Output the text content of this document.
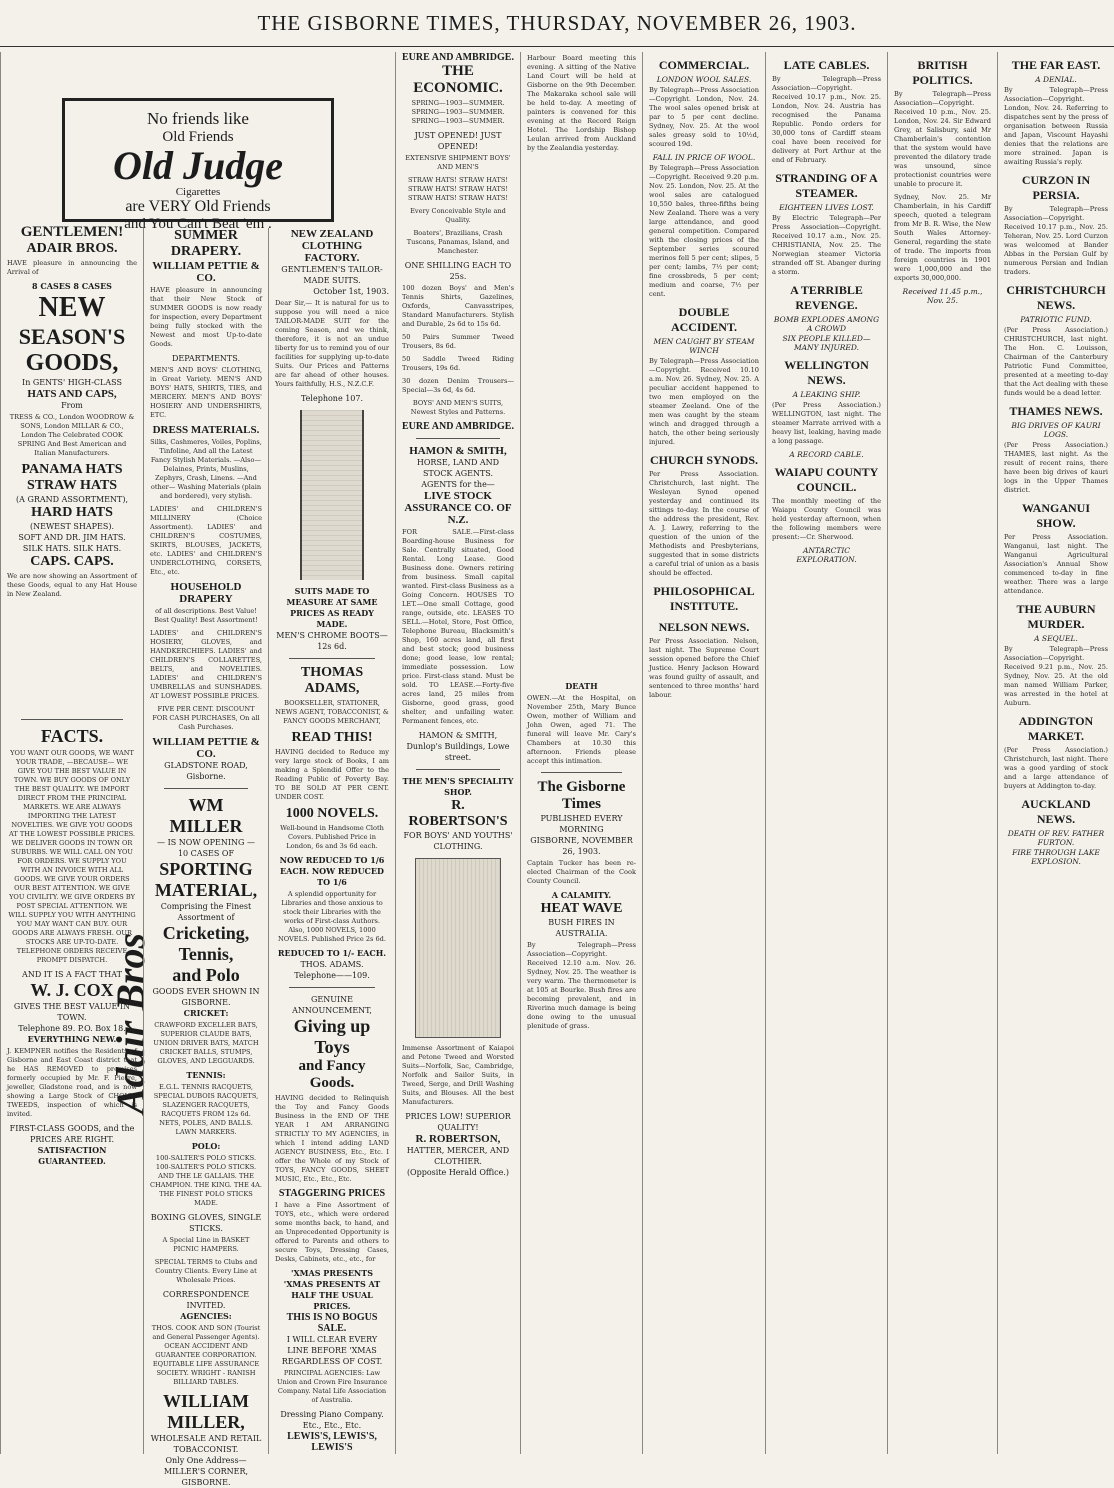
THE GISBORNE TIMES, THURSDAY, NOVEMBER 26, 1903.
GENTLEMEN!
ADAIR BROS.
HAVE pleasure in announcing the Arrival of
8 CASES 8 CASES
NEW
SEASON'S
GOODS,
In GENTS' HIGH-CLASS
HATS AND CAPS,
From
TRESS & CO., London WOODROW & SONS, London MILLAR & CO., London The Celebrated COOK SPRING And Best American and Italian Manufacturers.
PANAMA HATS
STRAW HATS
(A GRAND ASSORTMENT),
HARD HATS
(NEWEST SHAPES).
SOFT AND DR. JIM HATS.
SILK HATS. SILK HATS.
CAPS. CAPS.
We are now showing an Assortment of these Goods, equal to any Hat House in New Zealand.
FACTS.
YOU WANT OUR GOODS, WE WANT YOUR TRADE, —BECAUSE— WE GIVE YOU THE BEST VALUE IN TOWN. WE BUY GOODS OF ONLY THE BEST QUALITY. WE IMPORT DIRECT FROM THE PRINCIPAL MARKETS. WE ARE ALWAYS IMPORTING THE LATEST NOVELTIES. WE GIVE YOU GOODS AT THE LOWEST POSSIBLE PRICES. WE DELIVER GOODS IN TOWN OR SUBURBS. WE WILL CALL ON YOU FOR ORDERS. WE SUPPLY YOU WITH AN INVOICE WITH ALL GOODS. WE GIVE YOUR ORDERS OUR BEST ATTENTION. WE GIVE YOU CIVILITY. WE GIVE ORDERS BY POST SPECIAL ATTENTION. WE WILL SUPPLY YOU WITH ANYTHING YOU MAY WANT CAN BUY. OUR GOODS ARE ALWAYS FRESH. OUR STOCKS ARE UP-TO-DATE. TELEPHONE ORDERS RECEIVE PROMPT DISPATCH.
AND IT IS A FACT THAT
W. J. COX
GIVES THE BEST VALUE IN TOWN.
Telephone 89. P.O. Box 18.
EVERYTHING NEW.
J. KEMPNER notifies the Residents of Gisborne and East Coast district that he HAS REMOVED to premises formerly occupied by Mr. F. Pierre, jeweller, Gladstone road, and is now showing a Large Stock of CHOICE TWEEDS, inspection of which is invited.
FIRST-CLASS GOODS, and the PRICES ARE RIGHT.
SATISFACTION GUARANTEED.
Adair Bros
No friends like
Old Friends
Old Judge
Cigarettes
are VERY Old Friends
and You Can't Beat 'em .
SUMMER DRAPERY.
WILLIAM PETTIE & CO.
HAVE pleasure in announcing that their New Stock of SUMMER GOODS is now ready for inspection, every Department being fully stocked with the Newest and most Up-to-date Goods.
DEPARTMENTS.
MEN'S AND BOYS' CLOTHING, in Great Variety. MEN'S AND BOYS' HATS, SHIRTS, TIES, and MERCERY. MEN'S AND BOYS' HOSIERY AND UNDERSHIRTS, ETC.
DRESS MATERIALS.
Silks, Cashmeres, Voiles, Poplins, Tinfoline, And all the Latest Fancy Stylish Materials. —Also— Delaines, Prints, Muslins, Zephyrs, Crash, Linens. —And other— Washing Materials (plain and bordered), very stylish.
LADIES' and CHILDREN'S MILLINERY (Choice Assortment). LADIES' and CHILDREN'S COSTUMES, SKIRTS, BLOUSES, JACKETS, etc. LADIES' and CHILDREN'S UNDERCLOTHING, CORSETS, Etc., etc.
HOUSEHOLD DRAPERY
of all descriptions. Best Value! Best Quality! Best Assortment!
LADIES' and CHILDREN'S HOSIERY, GLOVES, and HANDKERCHIEFS. LADIES' and CHILDREN'S COLLARETTES, BELTS, and NOVELTIES. LADIES' and CHILDREN'S UMBRELLAS and SUNSHADES. AT LOWEST POSSIBLE PRICES.
FIVE PER CENT. DISCOUNT FOR CASH PURCHASES, On all Cash Purchases.
WILLIAM PETTIE & CO.
GLADSTONE ROAD, Gisborne.
WM MILLER
— IS NOW OPENING —
10 CASES OF
SPORTING
MATERIAL,
Comprising the Finest Assortment of
Cricketing,
Tennis,
and Polo
GOODS EVER SHOWN IN GISBORNE.
CRICKET:
CRAWFORD EXCELLER BATS, SUPERIOR CLAUDE BATS, UNION DRIVER BATS, MATCH CRICKET BALLS, STUMPS, GLOVES, AND LEGGUARDS.
TENNIS:
E.G.L. TENNIS RACQUETS, SPECIAL DUBOIS RACQUETS, SLAZENGER RACQUETS, RACQUETS FROM 12s 6d. NETS, POLES, AND BALLS. LAWN MARKERS.
POLO:
100-SALTER'S POLO STICKS. 100-SALTER'S POLO STICKS. AND THE LE GALLAIS. THE CHAMPION. THE KING. THE 4A. THE FINEST POLO STICKS MADE.
BOXING GLOVES, SINGLE STICKS.
A Special Line in BASKET PICNIC HAMPERS.
SPECIAL TERMS to Clubs and Country Clients. Every Line at Wholesale Prices.
CORRESPONDENCE INVITED.
AGENCIES:
THOS. COOK AND SON (Tourist and General Passenger Agents). OCEAN ACCIDENT AND GUARANTEE CORPORATION. EQUITABLE LIFE ASSURANCE SOCIETY. WRIGHT - RANISH BILLIARD TABLES.
WILLIAM MILLER,
WHOLESALE AND RETAIL TOBACCONIST.
Only One Address—
MILLER'S CORNER, GISBORNE.
NEW ZEALAND CLOTHING FACTORY.
GENTLEMEN'S TAILOR-MADE SUITS.
October 1st, 1903.
Dear Sir,— It is natural for us to suppose you will need a nice TAILOR-MADE SUIT for the coming Season, and we think, therefore, it is not an undue liberty for us to remind you of our facilities for supplying up-to-date Suits. Our Prices and Patterns are far ahead of other houses. Yours faithfully, H.S., N.Z.C.F.
Telephone 107.
SUITS MADE TO MEASURE AT SAME PRICES AS READY MADE.
MEN'S CHROME BOOTS—12s 6d.
THOMAS ADAMS,
BOOKSELLER, STATIONER, NEWS AGENT, TOBACCONIST, & FANCY GOODS MERCHANT,
READ THIS!
HAVING decided to Reduce my very large stock of Books, I am making a Splendid Offer to the Reading Public of Poverty Bay. TO BE SOLD AT PER CENT. UNDER COST.
1000 NOVELS.
Well-bound in Handsome Cloth Covers. Published Price in London, 6s and 3s 6d each.
NOW REDUCED TO 1/6 EACH. NOW REDUCED TO 1/6
A splendid opportunity for Libraries and those anxious to stock their Libraries with the works of First-class Authors. Also, 1000 NOVELS, 1000 NOVELS. Published Price 2s 6d.
REDUCED TO 1/- EACH.
THOS. ADAMS.
Telephone——109.
GENUINE ANNOUNCEMENT,
Giving up Toys
and Fancy Goods.
HAVING decided to Relinquish the Toy and Fancy Goods Business in the END OF THE YEAR I AM ARRANGING STRICTLY TO MY AGENCIES, in which I intend adding LAND AGENCY BUSINESS, Etc., Etc. I offer the Whole of my Stock of TOYS, FANCY GOODS, SHEET MUSIC, Etc., Etc., Etc.
STAGGERING PRICES
I have a Fine Assortment of TOYS, etc., which were ordered some months back, to hand, and an Unprecedented Opportunity is offered to Parents and others to secure Toys, Dressing Cases, Desks, Cabinets, etc., etc., for
'XMAS PRESENTS 'XMAS PRESENTS AT HALF THE USUAL PRICES.
THIS IS NO BOGUS SALE.
I WILL CLEAR EVERY LINE BEFORE 'XMAS REGARDLESS OF COST.
PRINCIPAL AGENCIES: Law Union and Crown Fire Insurance Company. Natal Life Association of Australia.
Dressing Piano Company. Etc., Etc., Etc.
LEWIS'S, LEWIS'S, LEWIS'S
EURE AND AMBRIDGE.
THE ECONOMIC.
SPRING—1903—SUMMER. SPRING—1903—SUMMER. SPRING—1903—SUMMER.
JUST OPENED! JUST OPENED!
EXTENSIVE SHIPMENT BOYS' AND MEN'S
STRAW HATS! STRAW HATS! STRAW HATS! STRAW HATS! STRAW HATS! STRAW HATS!
Every Conceivable Style and Quality.
Boaters', Brazilians, Crash Tuscans, Panamas, Island, and Manchester.
ONE SHILLING EACH TO 25s.
100 dozen Boys' and Men's Tennis Shirts, Gazelines, Oxfords, Canvasstripes, Standard Manufacturers. Stylish and Durable, 2s 6d to 15s 6d.
50 Pairs Summer Tweed Trousers, 8s 6d.
50 Saddle Tweed Riding Trousers, 19s 6d.
30 dozen Denim Trousers—Special—3s 6d, 4s 6d.
BOYS' AND MEN'S SUITS, Newest Styles and Patterns.
EURE AND AMBRIDGE.
HAMON & SMITH,
HORSE, LAND AND STOCK AGENTS.
AGENTS for the—
LIVE STOCK ASSURANCE CO. OF N.Z.
FOR SALE.—First-class Boarding-house Business for Sale. Centrally situated, Good Rental. Long Lease. Good Business done. Owners retiring from business. Small capital wanted. First-class Business as a Going Concern. HOUSES TO LET.—One small Cottage, good range, outside, etc. LEASES TO SELL.—Hotel, Store, Post Office, Telephone Bureau, Blacksmith's Shop, 160 acres land, all first and best stock; good business done; good lease, low rental; immediate possession. Low price. First-class stand. Must be sold. TO LEASE.—Forty-five acres land, 25 miles from Gisborne, good grass, good shelter, and unfailing water. Permanent fences, etc.
HAMON & SMITH,
Dunlop's Buildings, Lowe street.
THE MEN'S SPECIALITY SHOP.
R. ROBERTSON'S
FOR BOYS' AND YOUTHS' CLOTHING.
Immense Assortment of Kaiapoi and Petone Tweed and Worsted Suits—Norfolk, Sac, Cambridge, Norfolk and Sailor Suits, in Tweed, Serge, and Drill Washing Suits, and Blouses. All the best Manufacturers.
PRICES LOW! SUPERIOR QUALITY!
R. ROBERTSON,
HATTER, MERCER, AND CLOTHIER.
(Opposite Herald Office.)
Harbour Board meeting this evening. A sitting of the Native Land Court will be held at Gisborne on the 9th December. The Makaraka school sale will be held to-day. A meeting of painters is convened for this evening at the Record Reign Hotel. The Lordship Bishop Leulan arrived from Auckland by the Zealandia yesterday.
DEATH
OWEN.—At the Hospital, on November 25th, Mary Bunce Owen, mother of William and John Owen, aged 71. The funeral will leave Mr. Cary's Chambers at 10.30 this afternoon. Friends please accept this intimation.
The Gisborne Times
PUBLISHED EVERY MORNING
GISBORNE, NOVEMBER 26, 1903.
Captain Tucker has been re-elected Chairman of the Cook County Council.
A CALAMITY.
HEAT WAVE
BUSH FIRES IN AUSTRALIA.
By Telegraph—Press Association—Copyright. Received 12.10 a.m. Nov. 26. Sydney, Nov. 25. The weather is very warm. The thermometer is at 105 at Bourke. Bush fires are becoming prevalent, and in Riverina much damage is being done owing to the unusual plenitude of grass.
COMMERCIAL.
LONDON WOOL SALES.
By Telegraph—Press Association—Copyright. London, Nov. 24. The wool sales opened brisk at par to 5 per cent decline. Sydney, Nov. 25. At the wool sales greasy sold to 10½d, scoured 19d.
FALL IN PRICE OF WOOL.
By Telegraph—Press Association—Copyright. Received 9.20 p.m. Nov. 25. London, Nov. 25. At the wool sales are catalogued 10,550 bales, three-fifths being New Zealand. There was a very large attendance, and good general competition. Compared with the closing prices of the September series scoured merinos fell 5 per cent; slipes, 5 per cent; lambs, 7½ per cent; fine crossbreds, 5 per cent; medium and coarse, 7½ per cent.
DOUBLE ACCIDENT.
MEN CAUGHT BY STEAM WINCH
By Telegraph—Press Association—Copyright. Received 10.10 a.m. Nov. 26. Sydney, Nov. 25. A peculiar accident happened to two men employed on the steamer Zeeland. One of the men was caught by the steam winch and dragged through a hatch, the other being seriously injured.
CHURCH SYNODS.
Per Press Association. Christchurch, last night. The Wesleyan Synod opened yesterday and continued its sittings to-day. In the course of the address the president, Rev. A. J. Lawry, referring to the question of the union of the Methodists and Presbyterians, suggested that in some districts a careful trial of union as a basis should be effected.
PHILOSOPHICAL INSTITUTE.
NELSON NEWS.
Per Press Association. Nelson, last night. The Supreme Court session opened before the Chief Justice. Henry Jackson Howard was found guilty of assault, and sentenced to three months' hard labour.
LATE CABLES.
By Telegraph—Press Association—Copyright. Received 10.17 p.m., Nov. 25. London, Nov. 24. Austria has recognised the Panama Republic. Pondo orders for 30,000 tons of Cardiff steam coal have been received for delivery at Port Arthur at the end of February.
STRANDING OF A STEAMER.
EIGHTEEN LIVES LOST.
By Electric Telegraph—Per Press Association—Copyright. Received 10.17 a.m., Nov. 25. CHRISTIANIA, Nov. 25. The Norwegian steamer Victoria stranded off St. Abanger during a storm.
A TERRIBLE REVENGE.
BOMB EXPLODES AMONG A CROWD
SIX PEOPLE KILLED—MANY INJURED.
WELLINGTON NEWS.
A LEAKING SHIP.
(Per Press Association.) WELLINGTON, last night. The steamer Marrate arrived with a heavy list, leaking, having made a long passage.
A RECORD CABLE.
WAIAPU COUNTY COUNCIL.
The monthly meeting of the Waiapu County Council was held yesterday afternoon, when the following members were present:—Cr. Sherwood.
ANTARCTIC EXPLORATION.
BRITISH POLITICS.
By Telegraph—Press Association—Copyright. Received 10 p.m., Nov. 25. London, Nov. 24. Sir Edward Grey, at Salisbury, said Mr Chamberlain's contention that the system would have prevented the dilatory trade was unsound, since protectionist countries were unable to procure it.
Sydney, Nov. 25. Mr Chamberlain, in his Cardiff speech, quoted a telegram from Mr B. R. Wise, the New South Wales Attorney-General, regarding the state of trade. The imports from foreign countries in 1901 were 1,000,000 and the exports 30,000,000.
Received 11.45 p.m., Nov. 25.
THE FAR EAST.
A DENIAL.
By Telegraph—Press Association—Copyright. London, Nov. 24. Referring to dispatches sent by the press of organisation between Russia and Japan, Viscount Hayashi denies that the relations are more strained. Japan is awaiting Russia's reply.
CURZON IN PERSIA.
By Telegraph—Press Association—Copyright. Received 10.17 p.m., Nov. 25. Teheran, Nov. 25. Lord Curzon was welcomed at Bander Abbas in the Persian Gulf by numerous Persian and Indian traders.
CHRISTCHURCH NEWS.
PATRIOTIC FUND.
(Per Press Association.) CHRISTCHURCH, last night. The Hon. C. Louisson, Chairman of the Canterbury Patriotic Fund Committee, presented at a meeting to-day that the Act dealing with these funds would be a dead letter.
THAMES NEWS.
BIG DRIVES OF KAURI LOGS.
(Per Press Association.) THAMES, last night. As the result of recent rains, there have been big drives of kauri logs in the Upper Thames district.
WANGANUI SHOW.
Per Press Association. Wanganui, last night. The Wanganui Agricultural Association's Annual Show commenced to-day in fine weather. There was a large attendance.
THE AUBURN MURDER.
A SEQUEL.
By Telegraph—Press Association—Copyright. Received 9.21 p.m., Nov. 25. Sydney, Nov. 25. At the old man named William Parker, was arrested in the hotel at Auburn.
ADDINGTON MARKET.
(Per Press Association.) Christchurch, last night. There was a good yarding of stock and a large attendance of buyers at Addington to-day.
AUCKLAND NEWS.
DEATH OF REV. FATHER FURTON.
FIRE THROUGH LAKE EXPLOSION.
